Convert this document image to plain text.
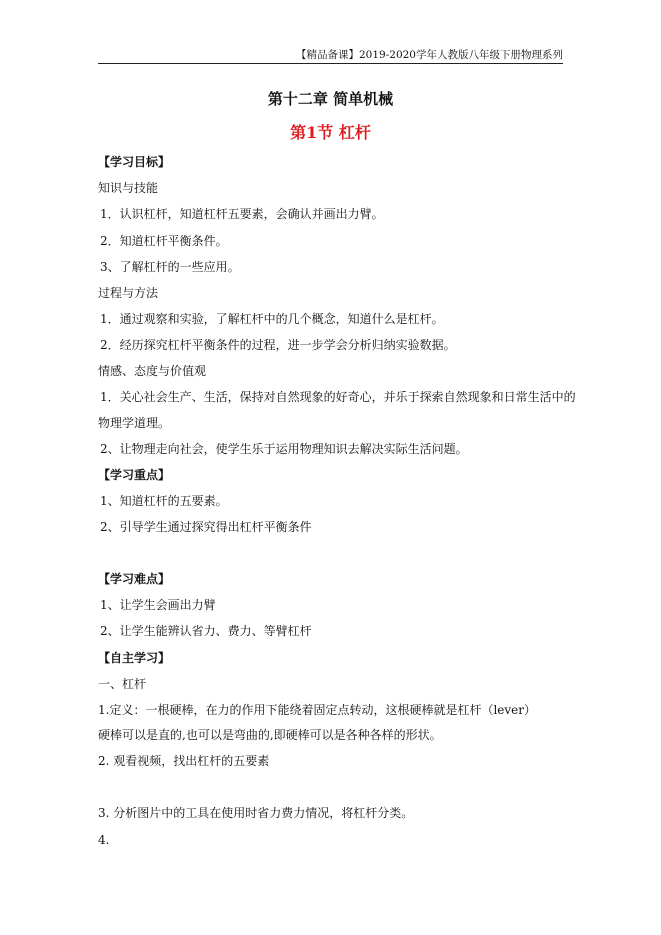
【精品备课】2019-2020学年人教版八年级下册物理系列
第十二章 简单机械
第1节 杠杆
【学习目标】
知识与技能
1．认识杠杆，知道杠杆五要素，会确认并画出力臂。
2．知道杠杆平衡条件。
3、了解杠杆的一些应用。
过程与方法
1．通过观察和实验，了解杠杆中的几个概念，知道什么是杠杆。
2．经历探究杠杆平衡条件的过程，进一步学会分析归纳实验数据。
情感、态度与价值观
1．关心社会生产、生活，保持对自然现象的好奇心，并乐于探索自然现象和日常生活中的
物理学道理。
2、让物理走向社会，使学生乐于运用物理知识去解决实际生活问题。
【学习重点】
1、知道杠杆的五要素。
2、引导学生通过探究得出杠杆平衡条件
【学习难点】
1、让学生会画出力臂
2、让学生能辨认省力、费力、等臂杠杆
【自主学习】
一、杠杆
1.定义：一根硬棒，在力的作用下能绕着固定点转动，这根硬棒就是杠杆（lever）
硬棒可以是直的,也可以是弯曲的,即硬棒可以是各种各样的形状。
2. 观看视频，找出杠杆的五要素
3. 分析图片中的工具在使用时省力费力情况，将杠杆分类。
4.
